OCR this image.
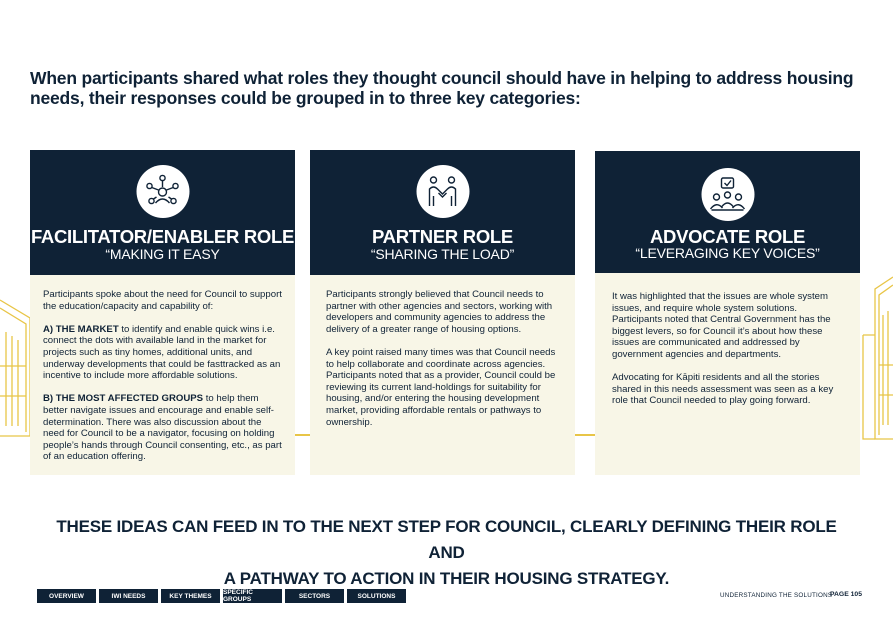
When participants shared what roles they thought council should have in helping to address housing needs, their responses could be grouped in to three key categories:
FACILITATOR/ENABLER ROLE
“MAKING IT EASY

Participants spoke about the need for Council to support the education/capacity and capability of:

A) THE MARKET to identify and enable quick wins i.e. connect the dots with available land in the market for projects such as tiny homes, additional units, and underway developments that could be fasttracked as an incentive to include more affordable solutions.

B) THE MOST AFFECTED GROUPS to help them better navigate issues and encourage and enable self-determination. There was also discussion about the need for Council to be a navigator, focusing on holding people’s hands through Council consenting, etc., as part of an education offering.

PARTNER ROLE
“SHARING THE LOAD”

Participants strongly believed that Council needs to partner with other agencies and sectors, working with developers and community agencies to address the delivery of a greater range of housing options.

A key point raised many times was that Council needs to help collaborate and coordinate across agencies. Participants noted that as a provider, Council could be reviewing its current land-holdings for suitability for housing, and/or entering the housing development market, providing affordable rentals or pathways to ownership.

ADVOCATE ROLE
“LEVERAGING KEY VOICES”

It was highlighted that the issues are whole system issues, and require whole system solutions. Participants noted that Central Government has the biggest levers, so for Council it’s about how these issues are communicated and addressed by government agencies and departments.

Advocating for Kāpiti residents and all the stories shared in this needs assessment was seen as a key role that Council needed to play going forward.

THESE IDEAS CAN FEED IN TO THE NEXT STEP FOR COUNCIL, CLEARLY DEFINING THEIR ROLE AND
A PATHWAY TO ACTION IN THEIR HOUSING STRATEGY.
OVERVIEW	IWI NEEDS	KEY THEMES	SPECIFIC GROUPS	SECTORS	SOLUTIONS	UNDERSTANDING THE SOLUTIONS
PAGE 105
